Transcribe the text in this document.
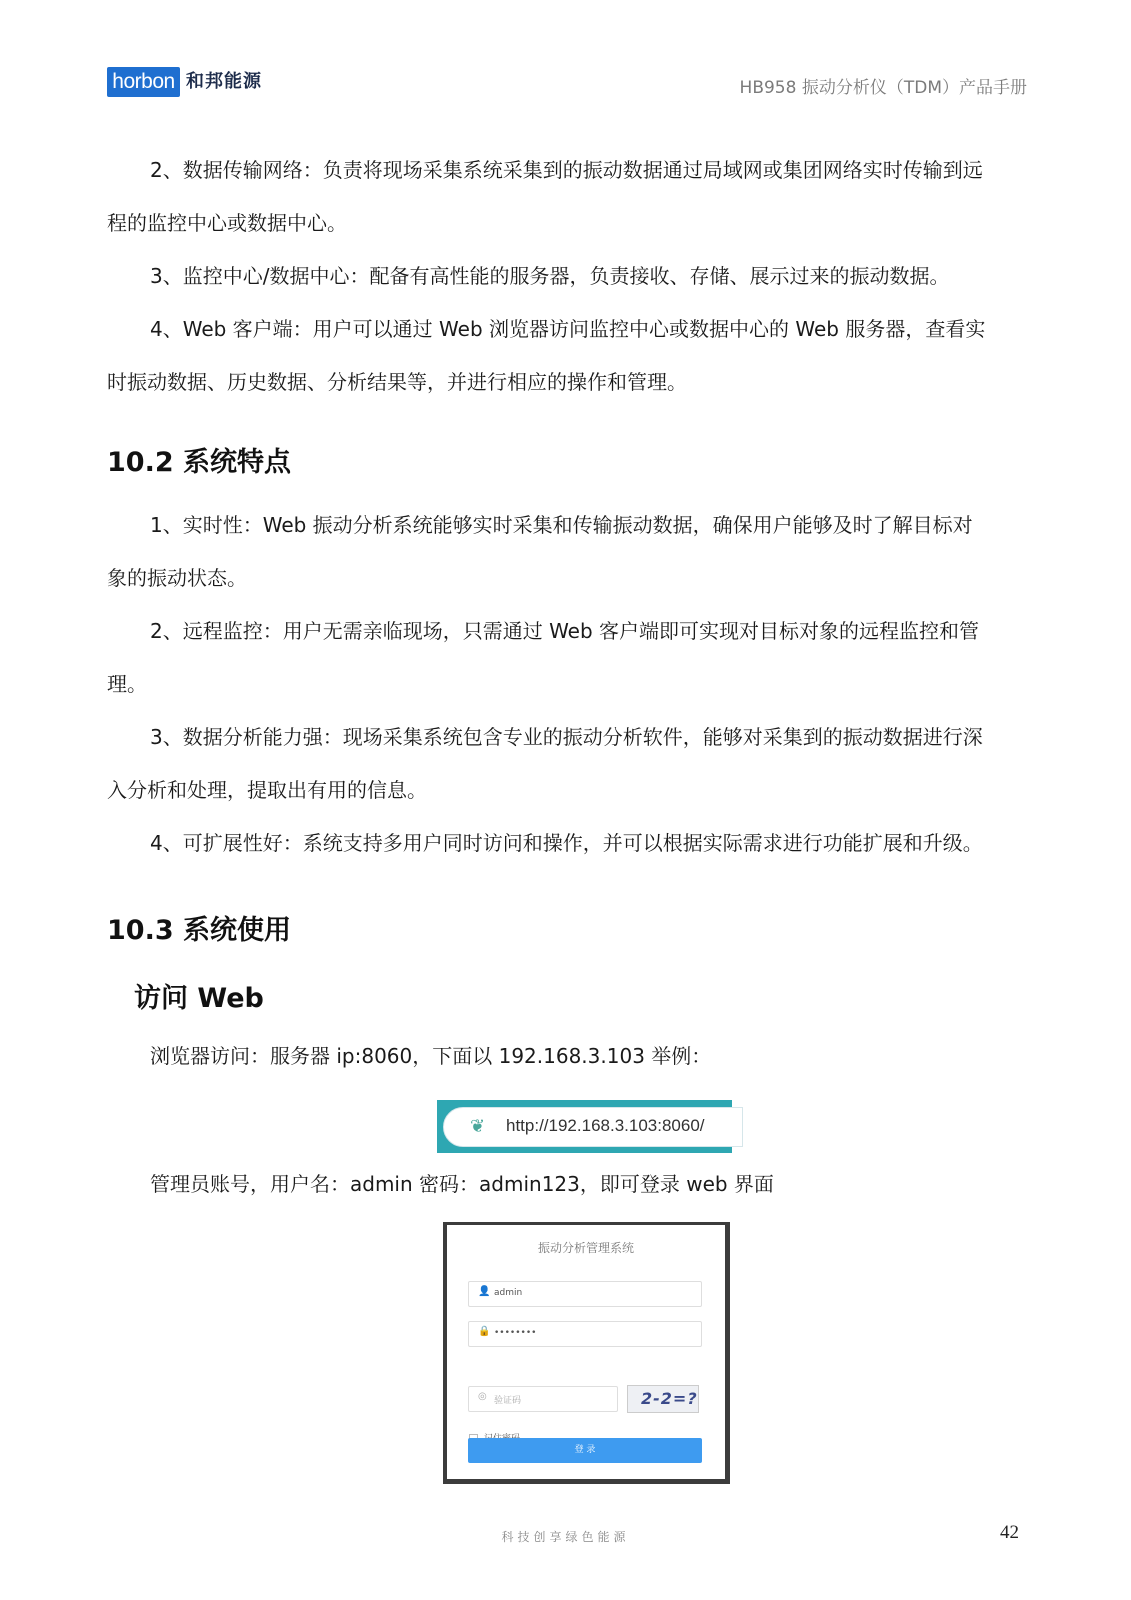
horbon 和邦能源	HB958 振动分析仪（TDM）产品手册
2、数据传输网络：负责将现场采集系统采集到的振动数据通过局域网或集团网络实时传输到远
程的监控中心或数据中心。
3、监控中心/数据中心：配备有高性能的服务器，负责接收、存储、展示过来的振动数据。
4、Web 客户端：用户可以通过 Web 浏览器访问监控中心或数据中心的 Web 服务器，查看实
时振动数据、历史数据、分析结果等，并进行相应的操作和管理。
10.2 系统特点
1、实时性：Web 振动分析系统能够实时采集和传输振动数据，确保用户能够及时了解目标对
象的振动状态。
2、远程监控：用户无需亲临现场，只需通过 Web 客户端即可实现对目标对象的远程监控和管
理。
3、数据分析能力强：现场采集系统包含专业的振动分析软件，能够对采集到的振动数据进行深
入分析和处理，提取出有用的信息。
4、可扩展性好：系统支持多用户同时访问和操作，并可以根据实际需求进行功能扩展和升级。
10.3 系统使用
访问 Web
浏览器访问：服务器 ip:8060，下面以 192.168.3.103 举例：
❦ http://192.168.3.103:8060/
管理员账号，用户名：admin 密码：admin123，即可登录 web 界面
振动分析管理系统
👤 admin
🔒 ••••••••
◎ 验证码	2-2=?
登 录
科技创享绿色能源	42
